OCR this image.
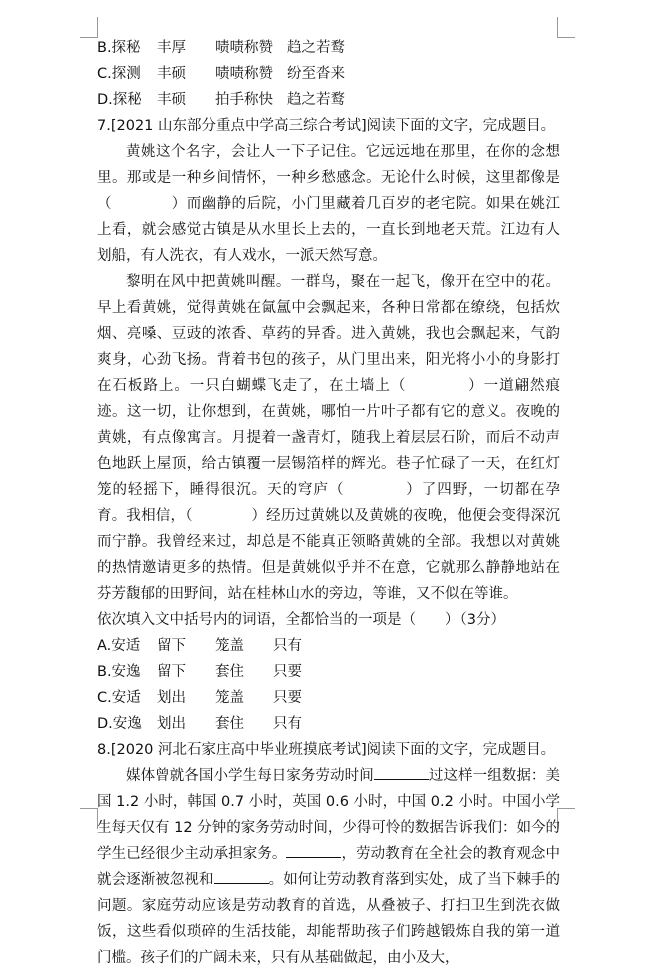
B.探秘 丰厚 啧啧称赞 趋之若鹜
C.探测 丰硕 啧啧称赞 纷至沓来
D.探秘 丰硕 拍手称快 趋之若鹜
7.[2021 山东部分重点中学高三综合考试]阅读下面的文字，完成题目。
黄姚这个名字，会让人一下子记住。它远远地在那里，在你的念想里。那或是一种乡间情怀，一种乡愁感念。无论什么时候，这里都像是（　　　　）而幽静的后院，小门里藏着几百岁的老宅院。如果在姚江上看，就会感觉古镇是从水里长上去的，一直长到地老天荒。江边有人划船，有人洗衣，有人戏水，一派天然写意。
黎明在风中把黄姚叫醒。一群鸟，聚在一起飞，像开在空中的花。早上看黄姚，觉得黄姚在氤氲中会飘起来，各种日常都在缭绕，包括炊烟、亮嗓、豆豉的浓香、草药的异香。进入黄姚，我也会飘起来，气韵爽身，心劲飞扬。背着书包的孩子，从门里出来，阳光将小小的身影打在石板路上。一只白蝴蝶飞走了，在土墙上（　　　　）一道翩然痕迹。这一切，让你想到，在黄姚，哪怕一片叶子都有它的意义。夜晚的黄姚，有点像寓言。月提着一盏青灯，随我上着层层石阶，而后不动声色地跃上屋顶，给古镇覆一层锡箔样的辉光。巷子忙碌了一天，在红灯笼的轻摇下，睡得很沉。天的穹庐（　　　　）了四野，一切都在孕育。我相信，（　　　　）经历过黄姚以及黄姚的夜晚，他便会变得深沉而宁静。我曾经来过，却总是不能真正领略黄姚的全部。我想以对黄姚的热情邀请更多的热情。但是黄姚似乎并不在意，它就那么静静地站在芬芳馥郁的田野间，站在桂林山水的旁边，等谁，又不似在等谁。
依次填入文中括号内的词语，全都恰当的一项是（　　）（3分）
A.安适 留下 笼盖 只有
B.安逸 留下 套住 只要
C.安适 划出 笼盖 只要
D.安逸 划出 套住 只有
8.[2020 河北石家庄高中毕业班摸底考试]阅读下面的文字，完成题目。
媒体曾就各国小学生每日家务劳动时间	过这样一组数据：美国 1.2 小时，韩国 0.7 小时，英国 0.6 小时，中国 0.2 小时。中国小学生每天仅有 12 分钟的家务劳动时间，少得可怜的数据告诉我们：如今的学生已经很少主动承担家务。	，劳动教育在全社会的教育观念中就会逐渐被忽视和	。如何让劳动教育落到实处，成了当下棘手的问题。家庭劳动应该是劳动教育的首选，从叠被子、打扫卫生到洗衣做饭，这些看似琐碎的生活技能，却能帮助孩子们跨越锻炼自我的第一道门槛。孩子们的广阔未来，只有从基础做起，由小及大，
